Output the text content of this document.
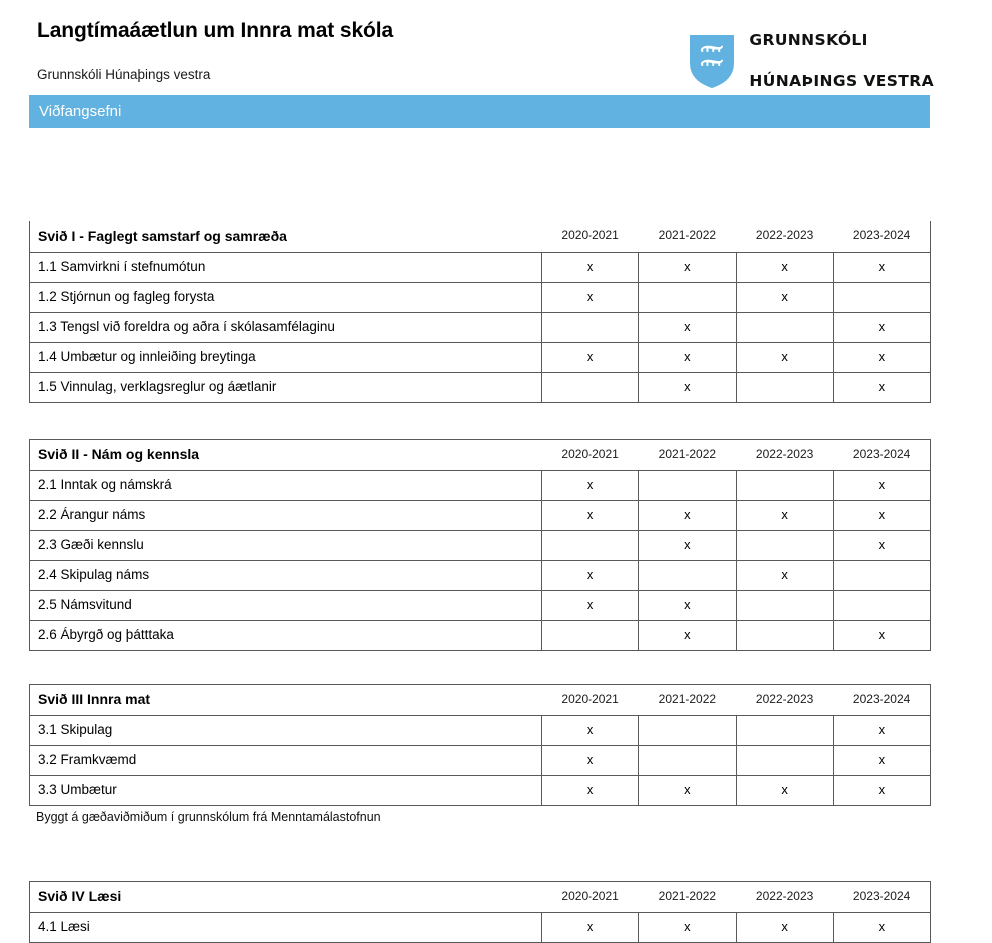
Langtímaáætlun um Innra mat skóla

Grunnskóli Húnaþings vestra

GRUNNSKÓLI

HÚNAÞINGS VESTRA

Viðfangsefni
Svið I - Faglegt samstarf og samræða	2020-2021	2021-2022	2022-2023	2023-2024
1.1 Samvirkni í stefnumótun	x	x	x	x
1.2 Stjórnun og fagleg forysta	x		x	
1.3 Tengsl við foreldra og aðra í skólasamfélaginu		x		x
1.4 Umbætur og innleiðing breytinga	x	x	x	x
1.5 Vinnulag, verklagsreglur og áætlanir		x		x
Svið II - Nám og kennsla	2020-2021	2021-2022	2022-2023	2023-2024
2.1 Inntak og námskrá	x			x
2.2 Árangur náms	x	x	x	x
2.3 Gæði kennslu		x		x
2.4 Skipulag náms	x		x	
2.5 Námsvitund	x	x		
2.6 Ábyrgð og þátttaka		x		x
Svið III Innra mat	2020-2021	2021-2022	2022-2023	2023-2024
3.1 Skipulag	x			x
3.2 Framkvæmd	x			x
3.3 Umbætur	x	x	x	x
Byggt á gæðaviðmiðum í grunnskólum frá Menntamálastofnun
Svið IV Læsi	2020-2021	2021-2022	2022-2023	2023-2024
4.1 Læsi	x	x	x	x
